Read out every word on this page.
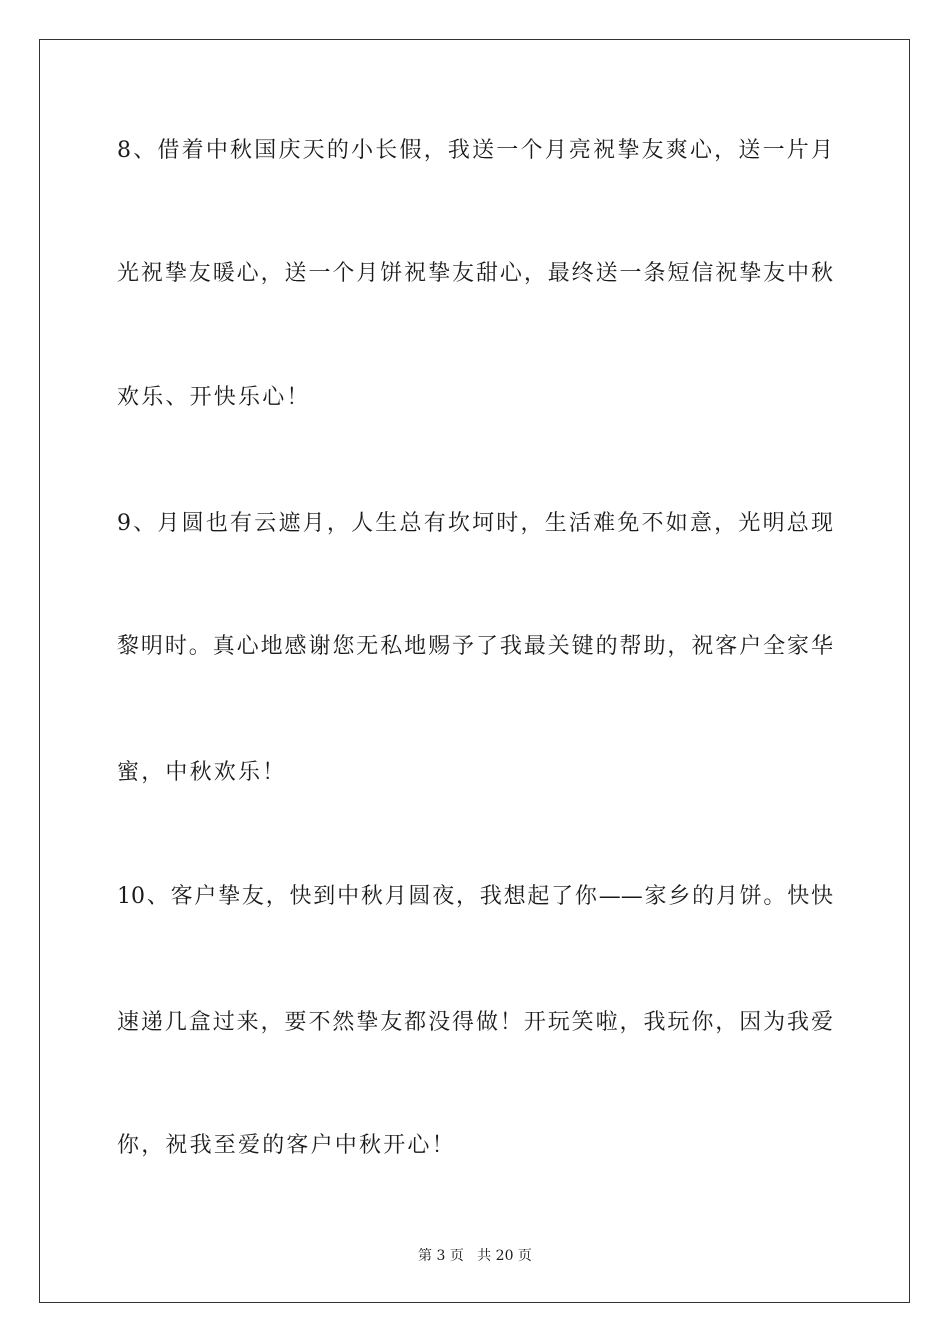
8、借着中秋国庆天的小长假，我送一个月亮祝挚友爽心，送一片月
光祝挚友暖心，送一个月饼祝挚友甜心，最终送一条短信祝挚友中秋
欢乐、开快乐心！
9、月圆也有云遮月，人生总有坎坷时，生活难免不如意，光明总现
黎明时。真心地感谢您无私地赐予了我最关键的帮助，祝客户全家华
蜜，中秋欢乐！
10、客户挚友，快到中秋月圆夜，我想起了你——家乡的月饼。快快
速递几盒过来，要不然挚友都没得做！开玩笑啦，我玩你，因为我爱
你，祝我至爱的客户中秋开心！
第 3 页 共 20 页
